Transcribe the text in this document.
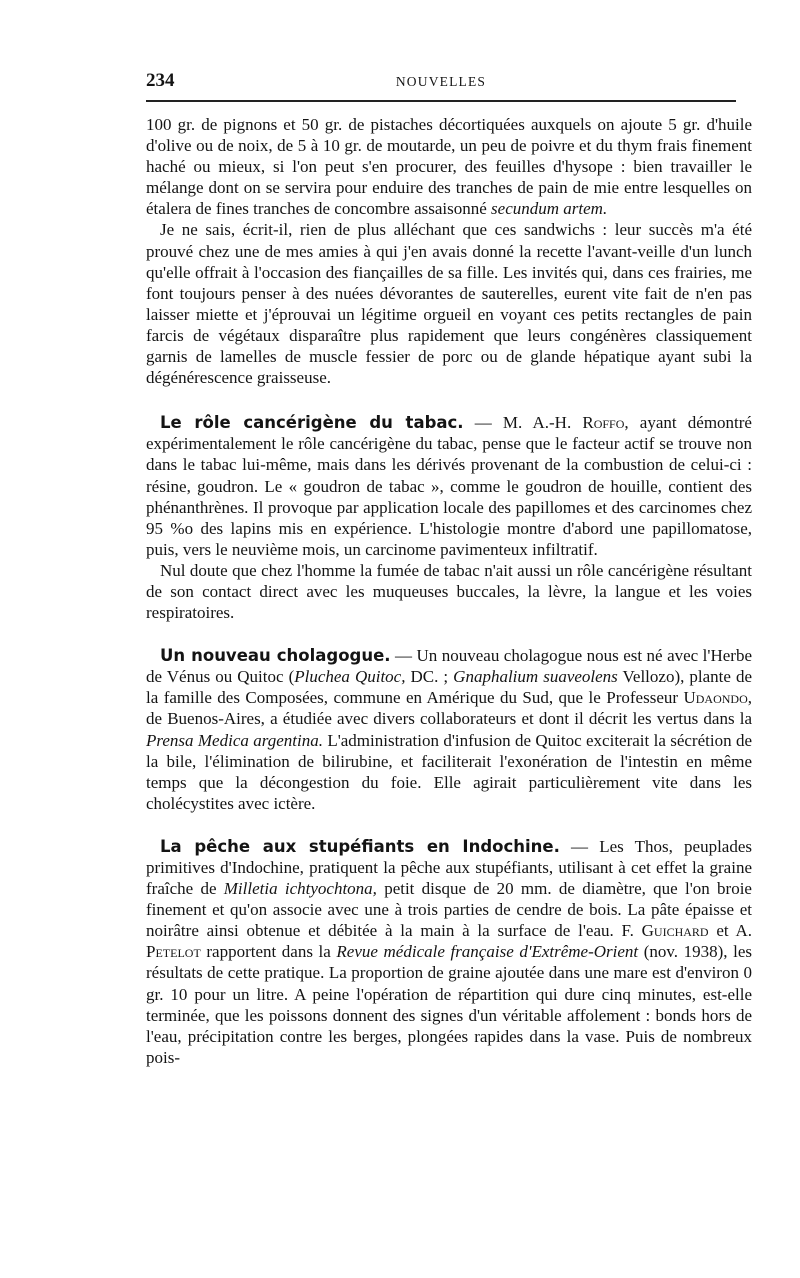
234	NOUVELLES

100 gr. de pignons et 50 gr. de pistaches décortiquées auxquels on ajoute 5 gr. d'huile d'olive ou de noix, de 5 à 10 gr. de moutarde, un peu de poivre et du thym frais finement haché ou mieux, si l'on peut s'en procurer, des feuilles d'hysope : bien travailler le mélange dont on se servira pour enduire des tranches de pain de mie entre lesquelles on étalera de fines tranches de concombre assaisonné secundum artem.

Je ne sais, écrit-il, rien de plus alléchant que ces sandwichs : leur succès m'a été prouvé chez une de mes amies à qui j'en avais donné la recette l'avant-veille d'un lunch qu'elle offrait à l'occasion des fiançailles de sa fille. Les invités qui, dans ces frairies, me font toujours penser à des nuées dévorantes de sauterelles, eurent vite fait de n'en pas laisser miette et j'éprouvai un légitime orgueil en voyant ces petits rectangles de pain farcis de végétaux disparaître plus rapidement que leurs congénères classiquement garnis de lamelles de muscle fessier de porc ou de glande hépatique ayant subi la dégénérescence graisseuse.

Le rôle cancérigène du tabac. — M. A.-H. Roffo, ayant démontré expérimentalement le rôle cancérigène du tabac, pense que le facteur actif se trouve non dans le tabac lui-même, mais dans les dérivés provenant de la combustion de celui-ci : résine, goudron. Le « goudron de tabac », comme le goudron de houille, contient des phénanthrènes. Il provoque par application locale des papillomes et des carcinomes chez 95 %o des lapins mis en expérience. L'histologie montre d'abord une papillomatose, puis, vers le neuvième mois, un carcinome pavimenteux infiltratif.

Nul doute que chez l'homme la fumée de tabac n'ait aussi un rôle cancérigène résultant de son contact direct avec les muqueuses buccales, la lèvre, la langue et les voies respiratoires.

Un nouveau cholagogue. — Un nouveau cholagogue nous est né avec l'Herbe de Vénus ou Quitoc (Pluchea Quitoc, DC. ; Gnaphalium suaveolens Vellozo), plante de la famille des Composées, commune en Amérique du Sud, que le Professeur Udaondo, de Buenos-Aires, a étudiée avec divers collaborateurs et dont il décrit les vertus dans la Prensa Medica argentina. L'administration d'infusion de Quitoc exciterait la sécrétion de la bile, l'élimination de bilirubine, et faciliterait l'exonération de l'intestin en même temps que la décongestion du foie. Elle agirait particulièrement vite dans les cholécystites avec ictère.

La pêche aux stupéfiants en Indochine. — Les Thos, peuplades primitives d'Indochine, pratiquent la pêche aux stupéfiants, utilisant à cet effet la graine fraîche de Milletia ichtyochtona, petit disque de 20 mm. de diamètre, que l'on broie finement et qu'on associe avec une à trois parties de cendre de bois. La pâte épaisse et noirâtre ainsi obtenue et débitée à la main à la surface de l'eau. F. Guichard et A. Petelot rapportent dans la Revue médicale française d'Extrême-Orient (nov. 1938), les résultats de cette pratique. La proportion de graine ajoutée dans une mare est d'environ 0 gr. 10 pour un litre. A peine l'opération de répartition qui dure cinq minutes, est-elle terminée, que les poissons donnent des signes d'un véritable affolement : bonds hors de l'eau, précipitation contre les berges, plongées rapides dans la vase. Puis de nombreux pois-
